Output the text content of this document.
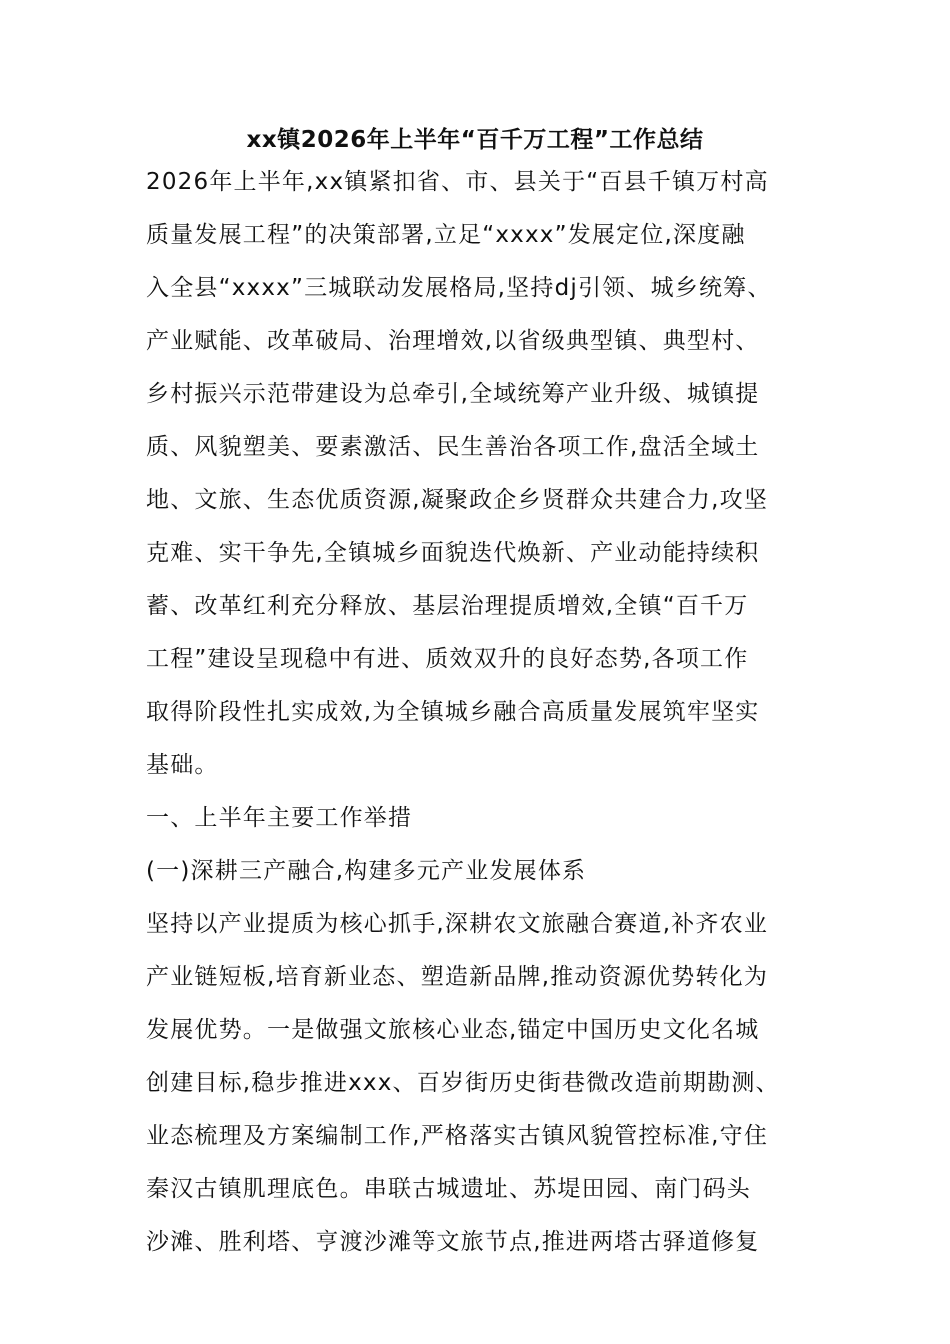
xx镇2026年上半年“百千万工程”工作总结
2026年上半年,xx镇紧扣省、市、县关于“百县千镇万村高
质量发展工程”的决策部署,立足“xxxx”发展定位,深度融
入全县“xxxx”三城联动发展格局,坚持dj引领、城乡统筹、
产业赋能、改革破局、治理增效,以省级典型镇、典型村、
乡村振兴示范带建设为总牵引,全域统筹产业升级、城镇提
质、风貌塑美、要素激活、民生善治各项工作,盘活全域土
地、文旅、生态优质资源,凝聚政企乡贤群众共建合力,攻坚
克难、实干争先,全镇城乡面貌迭代焕新、产业动能持续积
蓄、改革红利充分释放、基层治理提质增效,全镇“百千万
工程”建设呈现稳中有进、质效双升的良好态势,各项工作
取得阶段性扎实成效,为全镇城乡融合高质量发展筑牢坚实
基础。
一、上半年主要工作举措
(一)深耕三产融合,构建多元产业发展体系
坚持以产业提质为核心抓手,深耕农文旅融合赛道,补齐农业
产业链短板,培育新业态、塑造新品牌,推动资源优势转化为
发展优势。一是做强文旅核心业态,锚定中国历史文化名城
创建目标,稳步推进xxx、百岁街历史街巷微改造前期勘测、
业态梳理及方案编制工作,严格落实古镇风貌管控标准,守住
秦汉古镇肌理底色。串联古城遗址、苏堤田园、南门码头
沙滩、胜利塔、亨渡沙滩等文旅节点,推进两塔古驿道修复
